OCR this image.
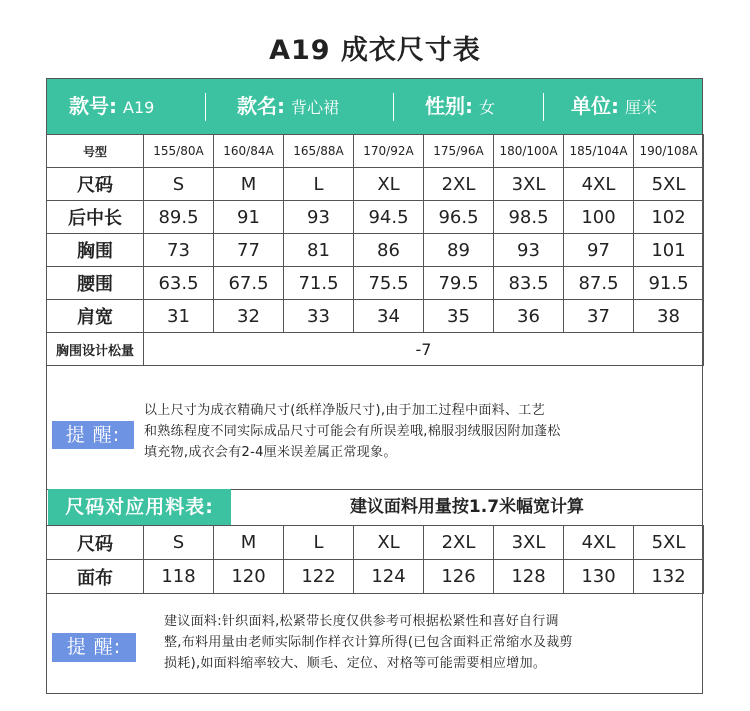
A19 成衣尺寸表
款号: A19	款名: 背心裙	性别: 女	单位: 厘米
号型	155/80A	160/84A	165/88A	170/92A	175/96A	180/100A	185/104A	190/108A
尺码	S	M	L	XL	2XL	3XL	4XL	5XL
后中长	89.5	91	93	94.5	96.5	98.5	100	102
胸围	73	77	81	86	89	93	97	101
腰围	63.5	67.5	71.5	75.5	79.5	83.5	87.5	91.5
肩宽	31	32	33	34	35	36	37	38
胸围设计松量	-7							
提 醒:
以上尺寸为成衣精确尺寸(纸样净版尺寸),由于加工过程中面料、工艺
和熟练程度不同实际成品尺寸可能会有所误差哦,棉服羽绒服因附加蓬松
填充物,成衣会有2-4厘米误差属正常现象。
尺码对应用料表:	建议面料用量按1.7米幅宽计算
尺码	S	M	L	XL	2XL	3XL	4XL	5XL
面布	118	120	122	124	126	128	130	132
提 醒:
建议面料:针织面料,松紧带长度仅供参考可根据松紧性和喜好自行调
整,布料用量由老师实际制作样衣计算所得(已包含面料正常缩水及裁剪
损耗),如面料缩率较大、顺毛、定位、对格等可能需要相应增加。
